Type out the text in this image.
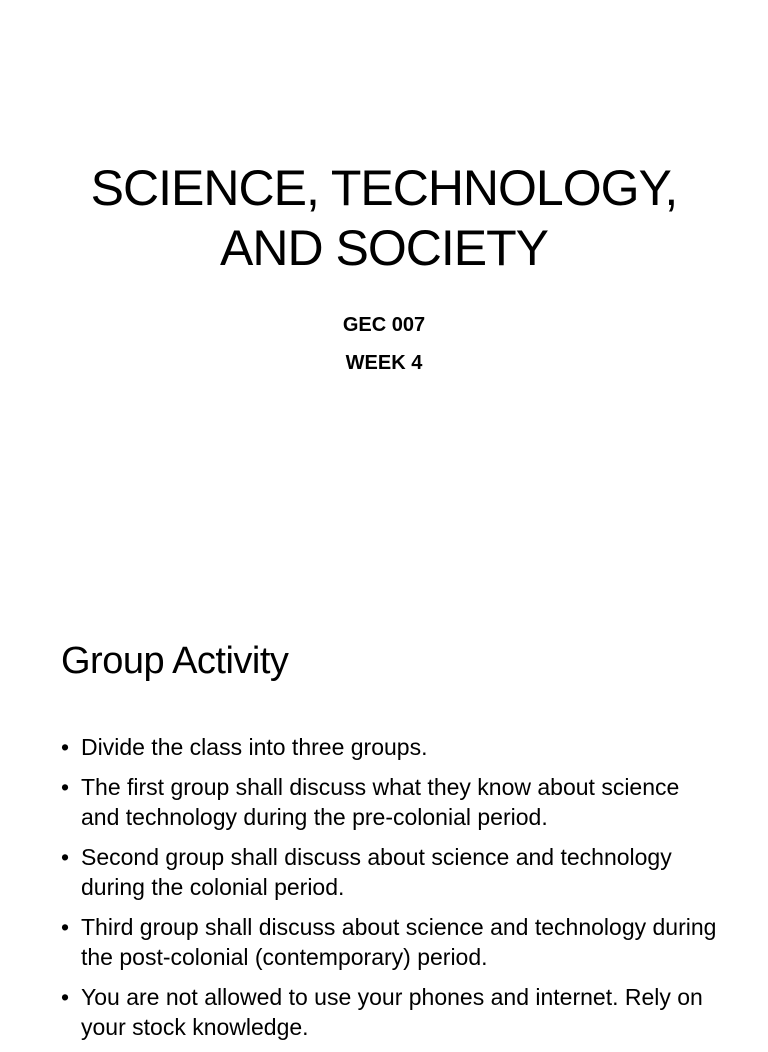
SCIENCE, TECHNOLOGY,
AND SOCIETY
GEC 007
WEEK 4
Group Activity
• Divide the class into three groups.
• The first group shall discuss what they know about science and technology during the pre-colonial period.
• Second group shall discuss about science and technology during the colonial period.
• Third group shall discuss about science and technology during the post-colonial (contemporary) period.
• You are not allowed to use your phones and internet. Rely on your stock knowledge.
